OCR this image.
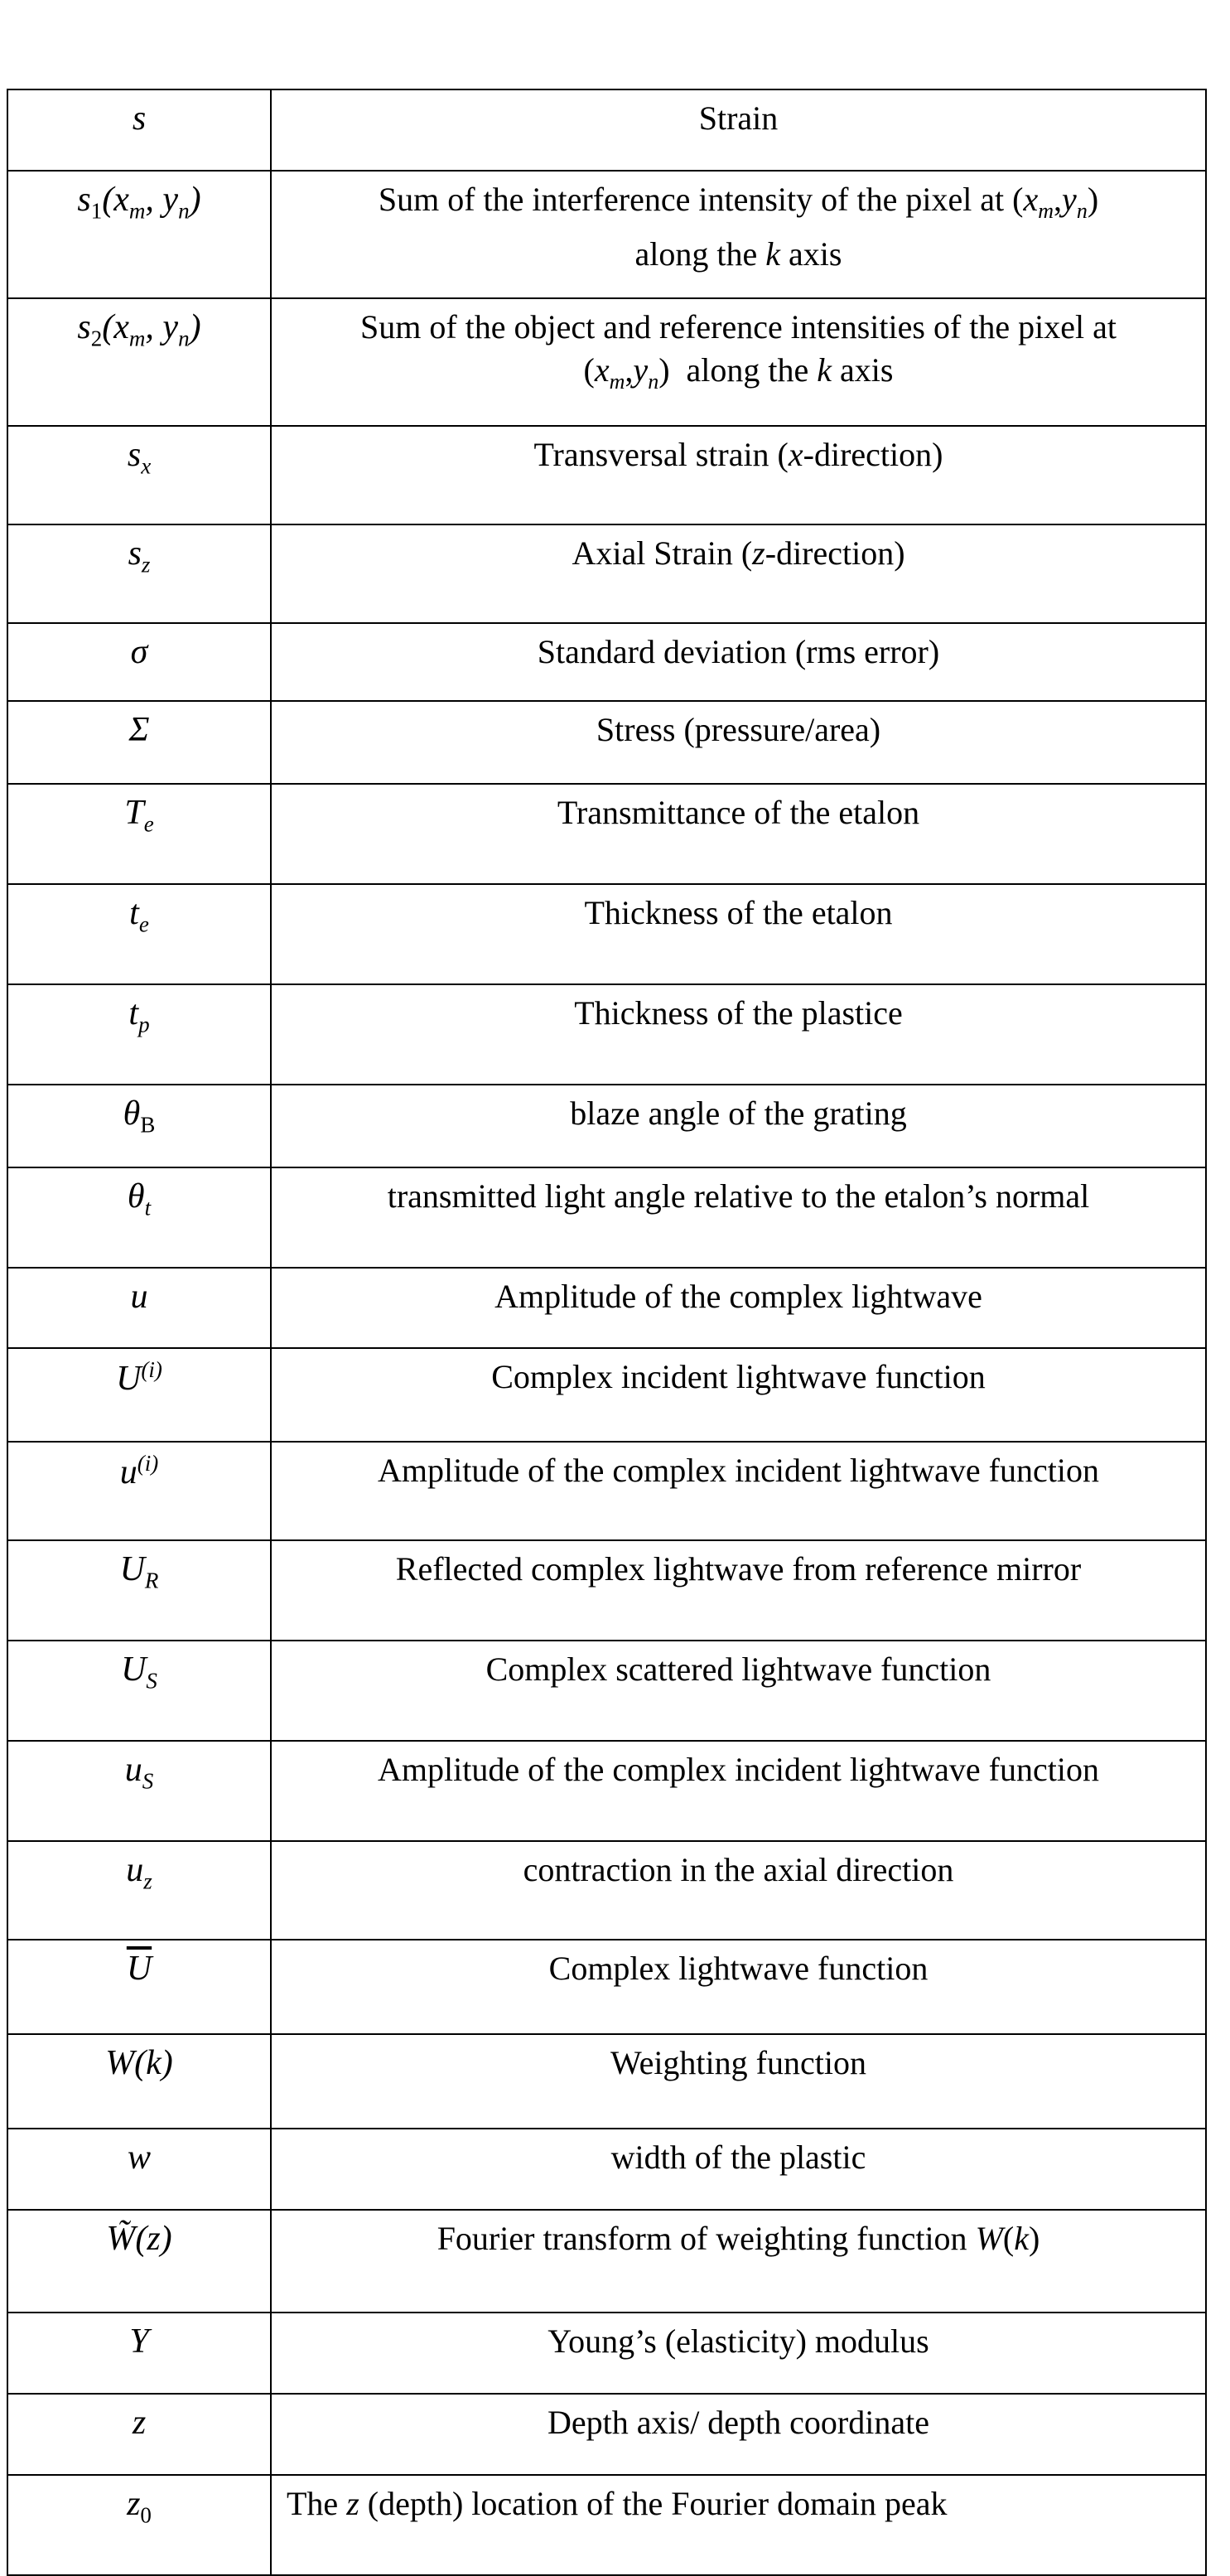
s	Strain
$s_1(x_m$, $y_n$)	Sum of the interference intensity of the pixel at $(x_m,y_n)$
along the k axis
$s_2(x_m$, $y_n$)	Sum of the object and reference intensities of the pixel at
$(x_m,y_n)$  along the k axis
$s_x$	Transversal strain (x-direction)
$s_z$	Axial Strain (z-direction)
σ	Standard deviation (rms error)
Σ	Stress (pressure/area)
$T_e$	Transmittance of the etalon
$t_e$	Thickness of the etalon
$t_p$	Thickness of the plastice
$\theta_B$	blaze angle of the grating
$\theta_t$	transmitted light angle relative to the etalon’s normal
u	Amplitude of the complex lightwave
$U^{(i)}$	Complex incident lightwave function
$u^{(i)}$	Amplitude of the complex incident lightwave function
$U_R$	Reflected complex lightwave from reference mirror
$U_S$	Complex scattered lightwave function
$u_S$	Amplitude of the complex incident lightwave function
$u_z$	contraction in the axial direction
$\overline{U}$	Complex lightwave function
W(k)	Weighting function
w	width of the plastic
W̃(z)	Fourier transform of weighting function W(k)
Y	Young’s (elasticity) modulus
z	Depth axis/ depth coordinate
$z_0$	The z (depth) location of the Fourier domain peak
